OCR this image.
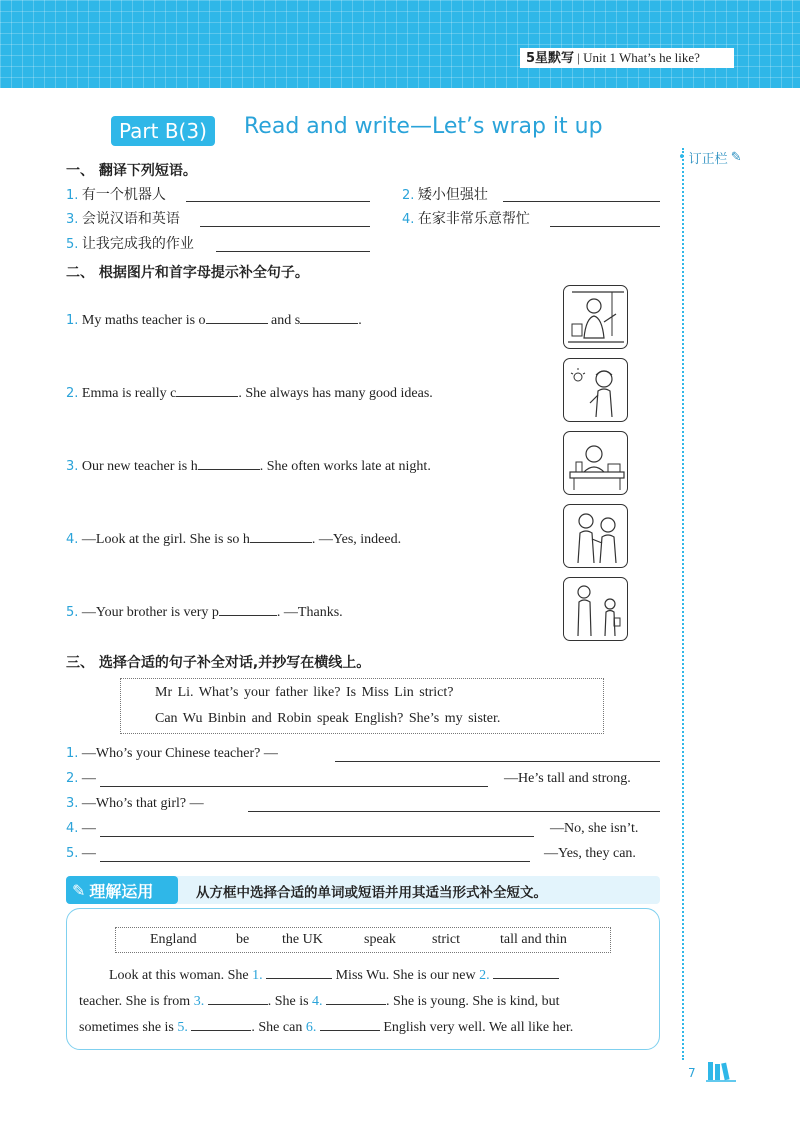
5星默写 | Unit 1 What’s he like?
• 订正栏 ✎
Part B(3)	Read and write—Let’s wrap it up
一、 翻译下列短语。
1. 有一个机器人	2. 矮小但强壮
3. 会说汉语和英语	4. 在家非常乐意帮忙
5. 让我完成我的作业
二、 根据图片和首字母提示补全句子。
1. My maths teacher is o	and s	.
2. Emma is really c	. She always has many good ideas.
3. Our new teacher is h	. She often works late at night.
4. —Look at the girl. She is so h	. —Yes, indeed.
5. —Your brother is very p	. —Thanks.
三、 选择合适的句子补全对话,并抄写在横线上。
Mr Li. What’s your father like? Is Miss Lin strict?
Can Wu Binbin and Robin speak English? She’s my sister.
1. —Who’s your Chinese teacher? —
2. —	—He’s tall and strong.
3. —Who’s that girl? —
4. —	—No, she isn’t.
5. —	—Yes, they can.
✎ 理解运用	从方框中选择合适的单词或短语并用其适当形式补全短文。
England	be the UK	speak	strict	tall and thin
Look at this woman. She 1.	Miss Wu. She is our new 2.
teacher. She is from 3.	. She is 4.	. She is young. She is kind, but
sometimes she is 5.	. She can 6.	English very well. We all like her.
7
